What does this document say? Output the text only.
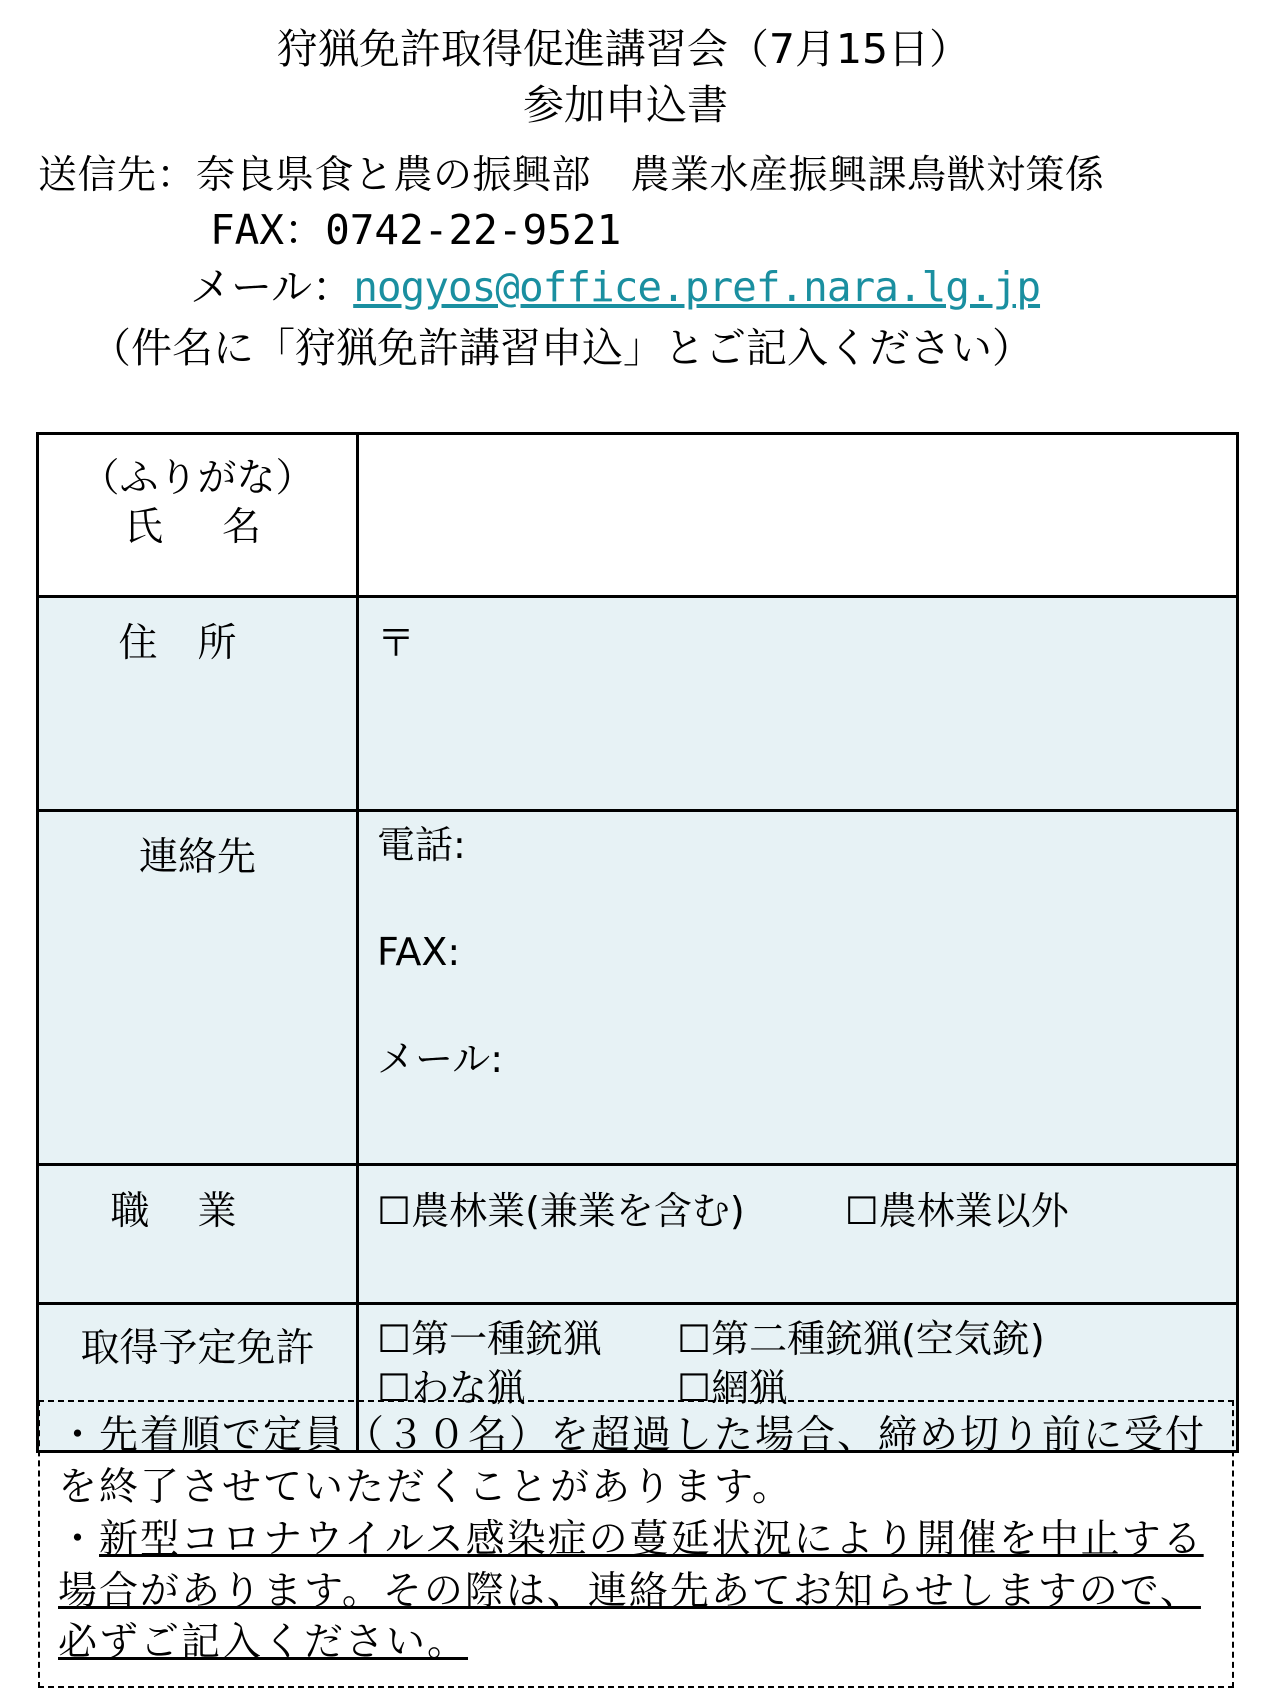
狩猟免許取得促進講習会（7月15日）
参加申込書
送信先：奈良県食と農の振興部　農業水産振興課鳥獣対策係
FAX：0742-22-9521
メール：nogyos@office.pref.nara.lg.jp
（件名に「狩猟免許講習申込」とご記入ください）
（ふりがな）
氏　名	

住所	〒
連絡先	電話:
FAX:
メール:

職業	☐農林業(兼業を含む) ☐農林業以外
取得予定免許	☐第一種銃猟 ☐第二種銃猟(空気銃)
☐わな猟 ☐網猟
・先着順で定員（３０名）を超過した場合、締め切り前に受付を終了させていただくことがあります。
・新型コロナウイルス感染症の蔓延状況により開催を中止する場合があります。その際は、連絡先あてお知らせしますので、必ずご記入ください。
